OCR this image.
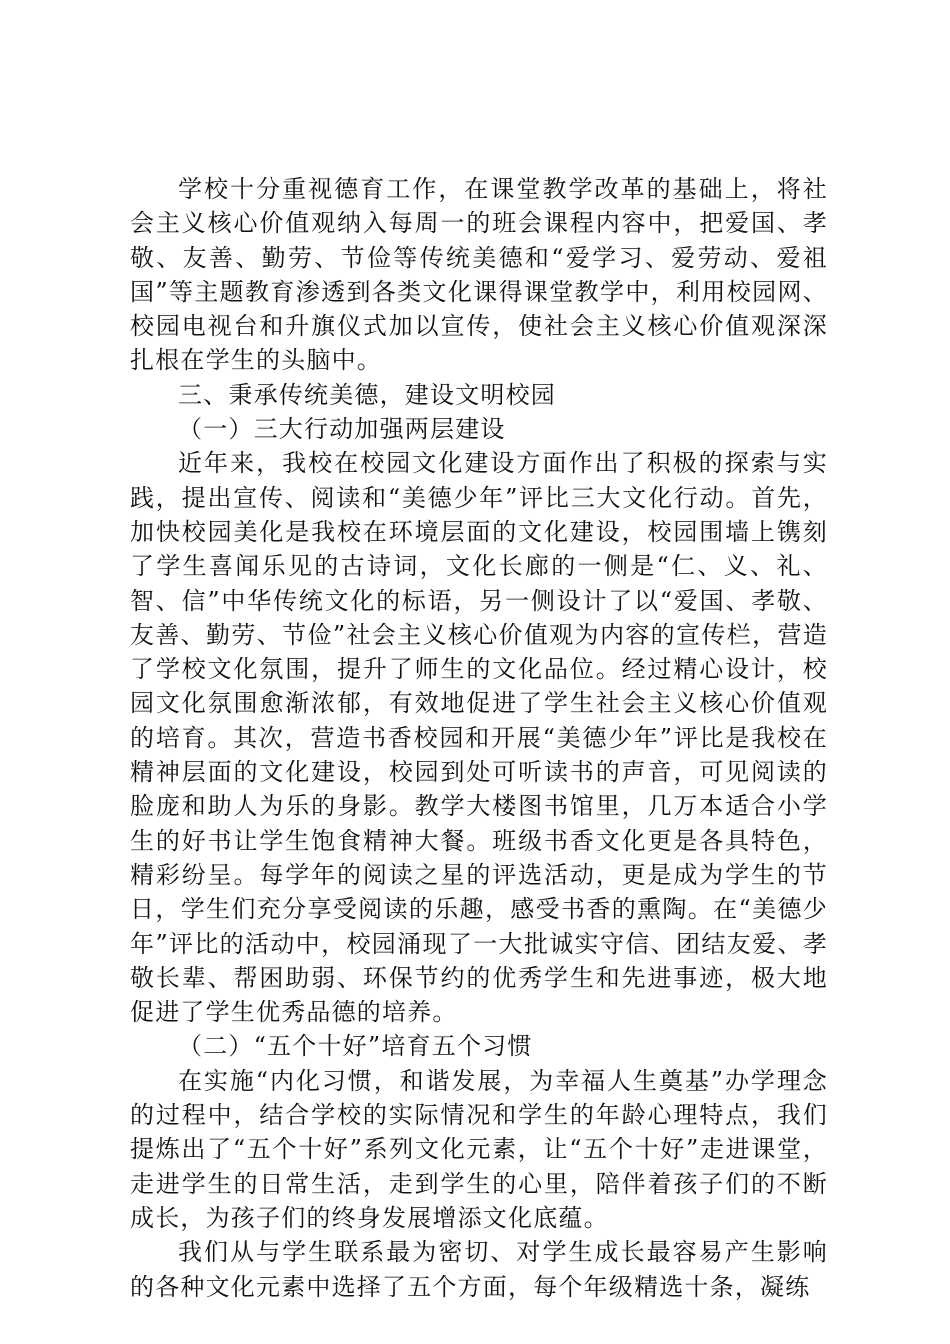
学校十分重视德育工作，在课堂教学改革的基础上，将社会主义核心价值观纳入每周一的班会课程内容中，把爱国、孝敬、友善、勤劳、节俭等传统美德和“爱学习、爱劳动、爱祖国”等主题教育渗透到各类文化课得课堂教学中，利用校园网、校园电视台和升旗仪式加以宣传，使社会主义核心价值观深深扎根在学生的头脑中。

三、秉承传统美德，建设文明校园

（一）三大行动加强两层建设

近年来，我校在校园文化建设方面作出了积极的探索与实践，提出宣传、阅读和“美德少年”评比三大文化行动。首先，加快校园美化是我校在环境层面的文化建设，校园围墙上镌刻了学生喜闻乐见的古诗词，文化长廊的一侧是“仁、义、礼、智、信”中华传统文化的标语，另一侧设计了以“爱国、孝敬、友善、勤劳、节俭”社会主义核心价值观为内容的宣传栏，营造了学校文化氛围，提升了师生的文化品位。经过精心设计，校园文化氛围愈渐浓郁，有效地促进了学生社会主义核心价值观的培育。其次，营造书香校园和开展“美德少年”评比是我校在精神层面的文化建设，校园到处可听读书的声音，可见阅读的脸庞和助人为乐的身影。教学大楼图书馆里，几万本适合小学生的好书让学生饱食精神大餐。班级书香文化更是各具特色，精彩纷呈。每学年的阅读之星的评选活动，更是成为学生的节日，学生们充分享受阅读的乐趣，感受书香的熏陶。在“美德少年”评比的活动中，校园涌现了一大批诚实守信、团结友爱、孝敬长辈、帮困助弱、环保节约的优秀学生和先进事迹，极大地促进了学生优秀品德的培养。

（二）“五个十好”培育五个习惯

在实施“内化习惯，和谐发展，为幸福人生奠基”办学理念的过程中，结合学校的实际情况和学生的年龄心理特点，我们提炼出了“五个十好”系列文化元素，让“五个十好”走进课堂，走进学生的日常生活，走到学生的心里，陪伴着孩子们的不断成长，为孩子们的终身发展增添文化底蕴。

我们从与学生联系最为密切、对学生成长最容易产生影响的各种文化元素中选择了五个方面，每个年级精选十条，凝练
